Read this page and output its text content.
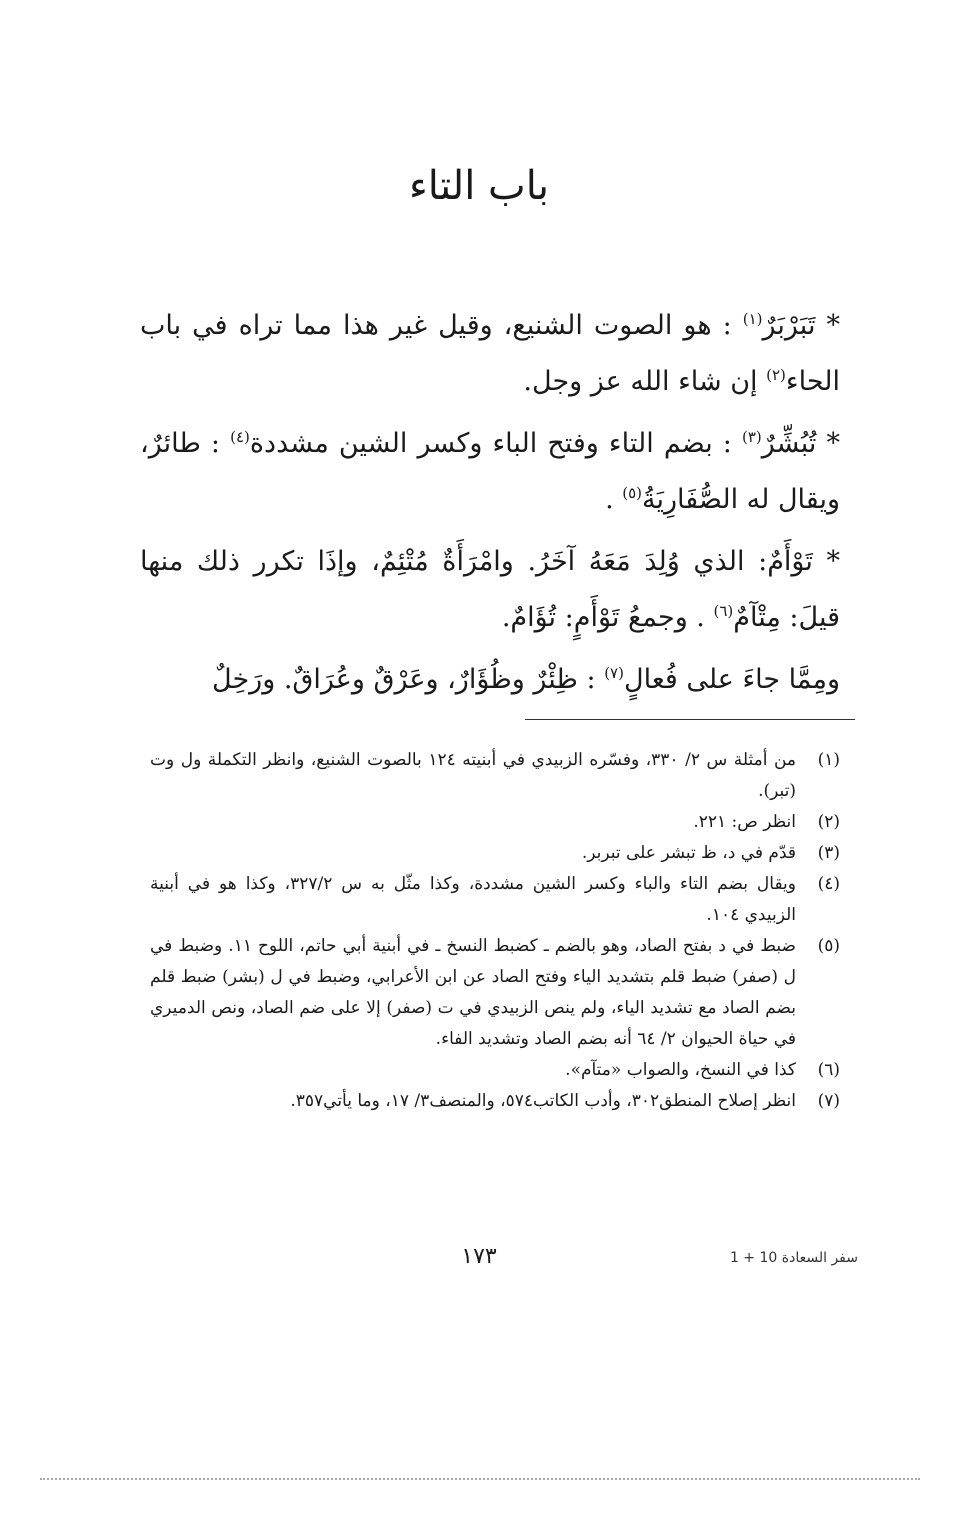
باب التاء

* تَبَرْبَرٌ$^{(١)}$ : هو الصوت الشنيع، وقيل غير هذا مما تراه في باب الحاء$^{(٢)}$ إن شاء الله عز وجل.

* تُبُشِّرٌ$^{(٣)}$ : بضم التاء وفتح الباء وكسر الشين مشددة$^{(٤)}$ : طائرٌ، ويقال له الصُّفَارِيَةُ$^{(٥)}$ .

* تَوْأَمٌ: الذي وُلِدَ مَعَهُ آخَرُ. وامْرَأَةٌ مُتْئِمٌ، وإذَا تكرر ذلك منها قيلَ: مِتْآمٌ$^{(٦)}$ . وجمعُ تَوْأَمٍ: تُؤَامٌ.

ومِمَّا جاءَ على فُعالٍ$^{(٧)}$ : ظِئْرٌ وظُؤَارٌ، وعَرْقٌ وعُرَاقٌ. ورَخِلٌ

(١)
من أمثلة س ٢/ ٣٣٠، وفسّره الزبيدي في أبنيته ١٢٤ بالصوت الشنيع، وانظر التكملة ول وت (تبر).
(٢)
انظر ص: ٢٢١.
(٣)
قدّم في د، ظ تبشر على تبربر.
(٤)
ويقال بضم التاء والباء وكسر الشين مشددة، وكذا مثّل به س ٣٢٧/٢، وكذا هو في أبنية الزبيدي ١٠٤.
(٥)
ضبط في د بفتح الصاد، وهو بالضم ـ كضبط النسخ ـ في أبنية أبي حاتم، اللوح ١١. وضبط في ل (صفر) ضبط قلم بتشديد الياء وفتح الصاد عن ابن الأعرابي، وضبط في ل (بشر) ضبط قلم بضم الصاد مع تشديد الياء، ولم ينص الزبيدي في ت (صفر) إلا على ضم الصاد، ونص الدميري في حياة الحيوان ٢/ ٦٤ أنه بضم الصاد وتشديد الفاء.
(٦)
كذا في النسخ، والصواب «متآم».
(٧)
انظر إصلاح المنطق٣٠٢، وأدب الكاتب٥٧٤، والمنصف٣/ ١٧، وما يأتي٣٥٧.
١٧٣	سفر السعادة 10 + 1
